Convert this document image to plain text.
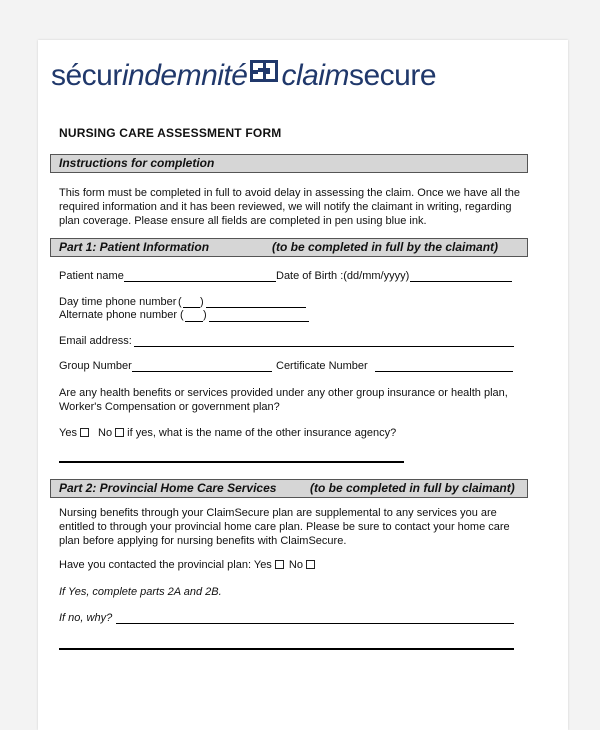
sécur indemnité claim secure
NURSING CARE ASSESSMENT FORM
Instructions for completion
This form must be completed in full to avoid delay in assessing the claim. Once we have all the
required information and it has been reviewed, we will notify the claimant in writing, regarding
plan coverage. Please ensure all fields are completed in pen using blue ink.
Part 1: Patient Information	(to be completed in full by the claimant)
Patient name	Date of Birth :(dd/mm/yyyy)
Day time phone number ( )
Alternate phone number ( )
Email address:
Group Number	Certificate Number
Are any health benefits or services provided under any other group insurance or health plan,
Worker's Compensation or government plan?
Yes No if yes, what is the name of the other insurance agency?
Part 2: Provincial Home Care Services	(to be completed in full by claimant)
Nursing benefits through your ClaimSecure plan are supplemental to any services you are
entitled to through your provincial home care plan. Please be sure to contact your home care
plan before applying for nursing benefits with ClaimSecure.
Have you contacted the provincial plan: Yes No
If Yes, complete parts 2A and 2B.
If no, why?
